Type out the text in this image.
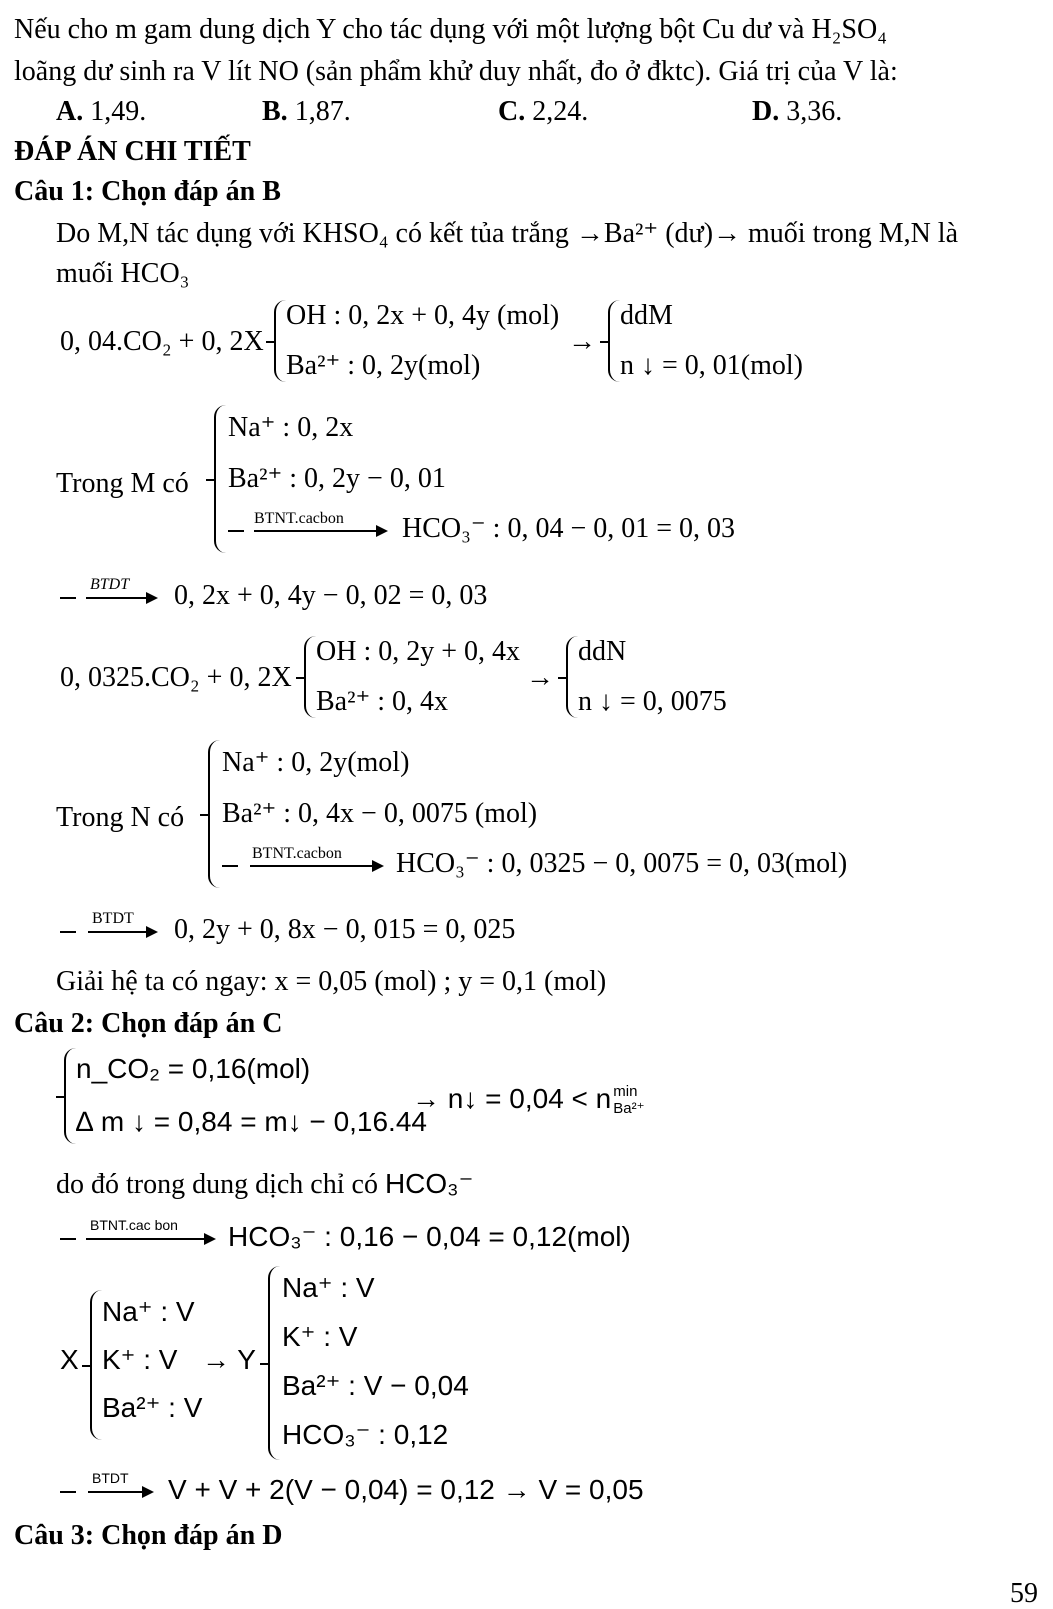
Nếu cho m gam dung dịch Y cho tác dụng với một lượng bột Cu dư và H₂SO₄
loãng dư sinh ra V lít NO (sản phẩm khử duy nhất, đo ở đktc). Giá trị của V là:
A. 1,49.	B. 1,87.	C. 2,24.	D. 3,36.
ĐÁP ÁN CHI TIẾT
Câu 1: Chọn đáp án B
Do M,N tác dụng với KHSO₄ có kết tủa trắng →Ba²⁺ (dư)→ muối trong M,N là
muối HCO₃
0, 04.CO₂ + 0, 2X
OH : 0, 2x + 0, 4y (mol)
Ba²⁺ : 0, 2y(mol)
→
ddM
n ↓ = 0, 01(mol)
Trong M có
Na⁺ : 0, 2x
Ba²⁺ : 0, 2y − 0, 01
BTNT.cacbon HCO₃⁻ : 0, 04 − 0, 01 = 0, 03
BTDT 0, 2x + 0, 4y − 0, 02 = 0, 03
0, 0325.CO₂ + 0, 2X
OH : 0, 2y + 0, 4x
Ba²⁺ : 0, 4x
→
ddN
n ↓ = 0, 0075
Trong N có
Na⁺ : 0, 2y(mol)
Ba²⁺ : 0, 4x − 0, 0075 (mol)
BTNT.cacbon HCO₃⁻ : 0, 0325 − 0, 0075 = 0, 03(mol)
BTDT 0, 2y + 0, 8x − 0, 015 = 0, 025
Giải hệ ta có ngay: x = 0,05 (mol) ; y = 0,1 (mol)
Câu 2: Chọn đáp án C
n_CO₂ = 0,16(mol)
∆ m ↓ = 0,84 = m↓ − 0,16.44
→ n↓ = 0,04 < n min
Ba²⁺
do đó trong dung dịch chỉ có HCO₃⁻
BTNT.cac bon HCO₃⁻ : 0,16 − 0,04 = 0,12(mol)
X
Na⁺ : V
K⁺ : V
Ba²⁺ : V
→ Y
Na⁺ : V
K⁺ : V
Ba²⁺ : V − 0,04
HCO₃⁻ : 0,12
BTDT V + V + 2(V − 0,04) = 0,12 → V = 0,05
Câu 3: Chọn đáp án D
59
